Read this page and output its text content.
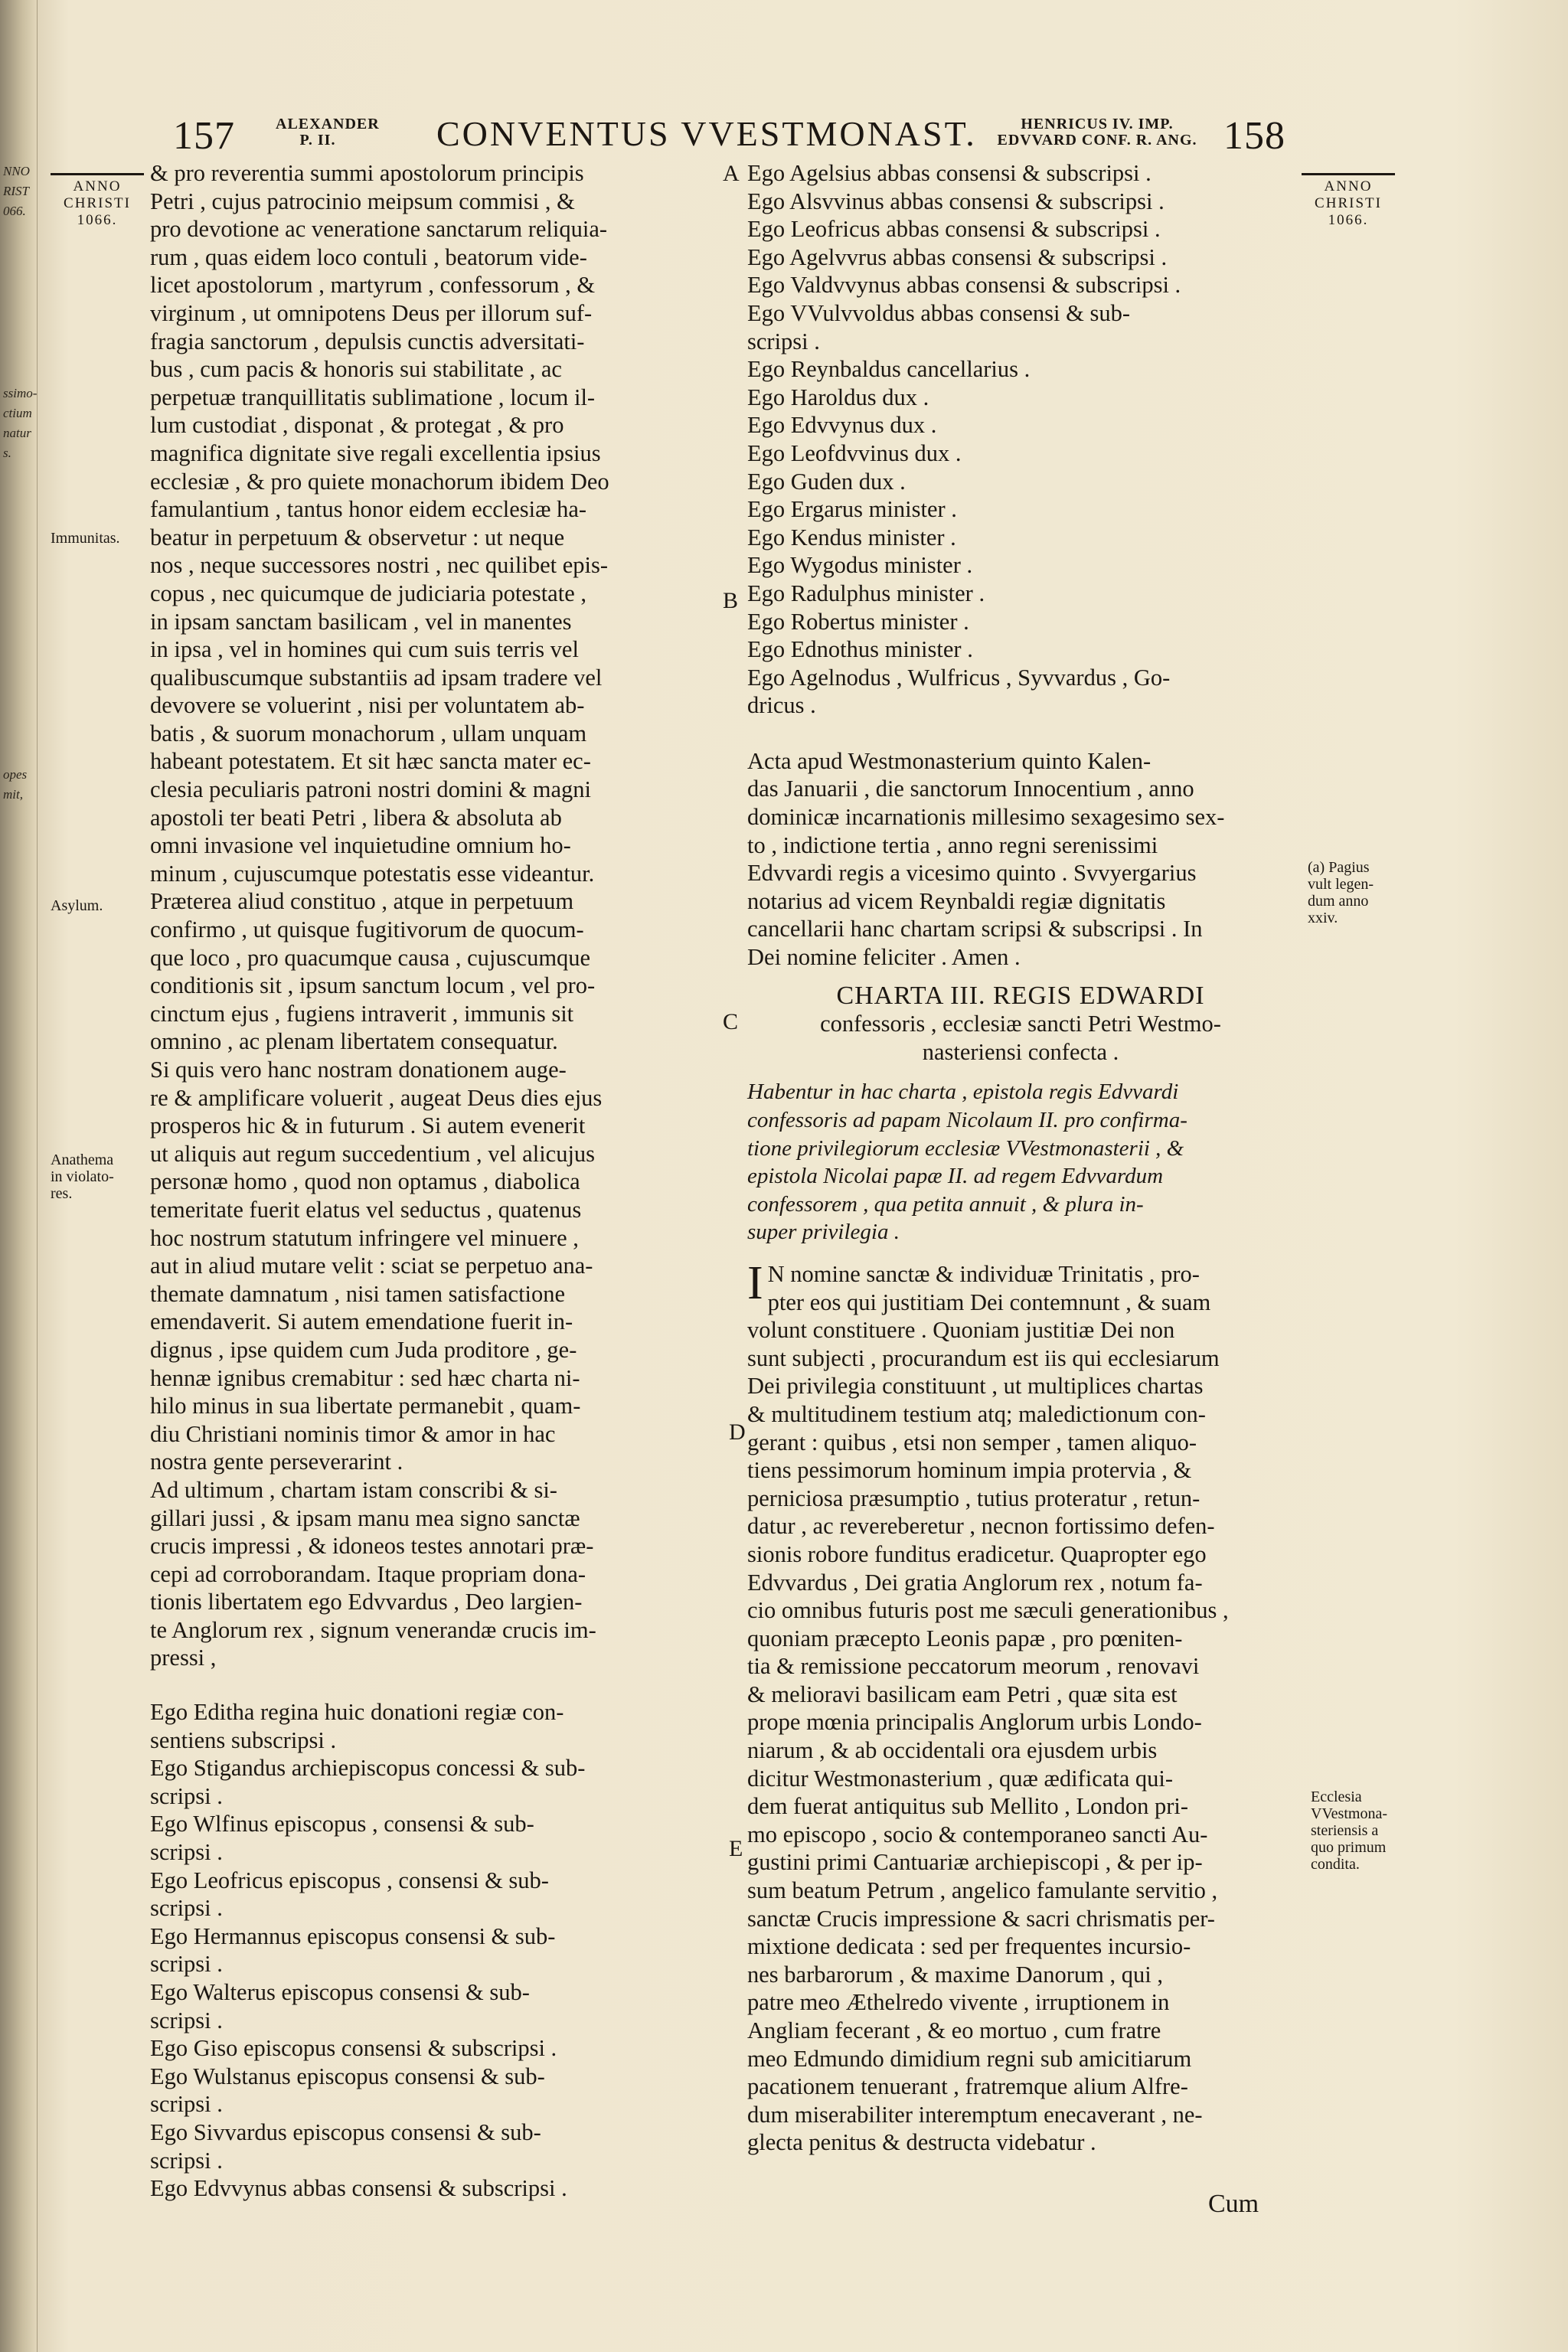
NNO
RIST
066.
ssimo-
ctium
natur
s.
opes
mit,
157	ALEXANDER
P. II.	CONVENTUS VVESTMONAST.	HENRICUS IV. IMP.
EDVVARD CONF. R. ANG. 158
ANNO
CHRISTI
1066.
Immunitas.
Asylum.
Anathema
in violato-
res.
& pro reverentia summi apostolorum principis
Petri , cujus patrocinio meipsum commisi , &
pro devotione ac veneratione sanctarum reliquia-
rum , quas eidem loco contuli , beatorum vide-
licet apostolorum , martyrum , confessorum , &
virginum , ut omnipotens Deus per illorum suf-
fragia sanctorum , depulsis cunctis adversitati-
bus , cum pacis & honoris sui stabilitate , ac
perpetuæ tranquillitatis sublimatione , locum il-
lum custodiat , disponat , & protegat , & pro
magnifica dignitate sive regali excellentia ipsius
ecclesiæ , & pro quiete monachorum ibidem Deo
famulantium , tantus honor eidem ecclesiæ ha-
beatur in perpetuum & observetur : ut neque
nos , neque successores nostri , nec quilibet epis-
copus , nec quicumque de judiciaria potestate ,
in ipsam sanctam basilicam , vel in manentes
in ipsa , vel in homines qui cum suis terris vel
qualibuscumque substantiis ad ipsam tradere vel
devovere se voluerint , nisi per voluntatem ab-
batis , & suorum monachorum , ullam unquam
habeant potestatem. Et sit hæc sancta mater ec-
clesia peculiaris patroni nostri domini & magni
apostoli ter beati Petri , libera & absoluta ab
omni invasione vel inquietudine omnium ho-
minum , cujuscumque potestatis esse videantur.
Præterea aliud constituo , atque in perpetuum
confirmo , ut quisque fugitivorum de quocum-
que loco , pro quacumque causa , cujuscumque
conditionis sit , ipsum sanctum locum , vel pro-
cinctum ejus , fugiens intraverit , immunis sit
omnino , ac plenam libertatem consequatur.
Si quis vero hanc nostram donationem auge-
re & amplificare voluerit , augeat Deus dies ejus
prosperos hic & in futurum . Si autem evenerit
ut aliquis aut regum succedentium , vel alicujus
personæ homo , quod non optamus , diabolica
temeritate fuerit elatus vel seductus , quatenus
hoc nostrum statutum infringere vel minuere ,
aut in aliud mutare velit : sciat se perpetuo ana-
themate damnatum , nisi tamen satisfactione
emendaverit. Si autem emendatione fuerit in-
dignus , ipse quidem cum Juda proditore , ge-
hennæ ignibus cremabitur : sed hæc charta ni-
hilo minus in sua libertate permanebit , quam-
diu Christiani nominis timor & amor in hac
nostra gente perseverarint .
Ad ultimum , chartam istam conscribi & si-
gillari jussi , & ipsam manu mea signo sanctæ
crucis impressi , & idoneos testes annotari præ-
cepi ad corroborandam. Itaque propriam dona-
tionis libertatem ego Edvvardus , Deo largien-
te Anglorum rex , signum venerandæ crucis im-
pressi ,
Ego Editha regina huic donationi regiæ con-
sentiens subscripsi .
Ego Stigandus archiepiscopus concessi & sub-
scripsi .
Ego Wlfinus episcopus , consensi & sub-
scripsi .
Ego Leofricus episcopus , consensi & sub-
scripsi .
Ego Hermannus episcopus consensi & sub-
scripsi .
Ego Walterus episcopus consensi & sub-
scripsi .
Ego Giso episcopus consensi & subscripsi .
Ego Wulstanus episcopus consensi & sub-
scripsi .
Ego Sivvardus episcopus consensi & sub-
scripsi .
Ego Edvvynus abbas consensi & subscripsi .
A
B
C
D
E
Ego Agelsius abbas consensi & subscripsi .
Ego Alsvvinus abbas consensi & subscripsi .
Ego Leofricus abbas consensi & subscripsi .
Ego Agelvvrus abbas consensi & subscripsi .
Ego Valdvvynus abbas consensi & subscripsi .
Ego VVulvvoldus abbas consensi & sub-
scripsi .
Ego Reynbaldus cancellarius .
Ego Haroldus dux .
Ego Edvvynus dux .
Ego Leofdvvinus dux .
Ego Guden dux .
Ego Ergarus minister .
Ego Kendus minister .
Ego Wygodus minister .
Ego Radulphus minister .
Ego Robertus minister .
Ego Ednothus minister .
Ego Agelnodus , Wulfricus , Syvvardus , Go-
dricus .
Acta apud Westmonasterium quinto Kalen-
das Januarii , die sanctorum Innocentium , anno
dominicæ incarnationis millesimo sexagesimo sex-
to , indictione tertia , anno regni serenissimi
Edvvardi regis a vicesimo quinto . Svvyergarius
notarius ad vicem Reynbaldi regiæ dignitatis
cancellarii hanc chartam scripsi & subscripsi . In
Dei nomine feliciter . Amen .
CHARTA III. REGIS EDWARDI
confessoris , ecclesiæ sancti Petri Westmo-
nasteriensi confecta .
Habentur in hac charta , epistola regis Edvvardi
confessoris ad papam Nicolaum II. pro confirma-
tione privilegiorum ecclesiæ VVestmonasterii , &
epistola Nicolai papæ II. ad regem Edvvardum
confessorem , qua petita annuit , & plura in-
super privilegia .
I N nomine sanctæ & individuæ Trinitatis , pro-
pter eos qui justitiam Dei contemnunt , & suam
volunt constituere . Quoniam justitiæ Dei non
sunt subjecti , procurandum est iis qui ecclesiarum
Dei privilegia constituunt , ut multiplices chartas
& multitudinem testium atq; maledictionum con-
gerant : quibus , etsi non semper , tamen aliquo-
tiens pessimorum hominum impia protervia , &
perniciosa præsumptio , tutius proteratur , retun-
datur , ac revereberetur , necnon fortissimo defen-
sionis robore funditus eradicetur. Quapropter ego
Edvvardus , Dei gratia Anglorum rex , notum fa-
cio omnibus futuris post me sæculi generationibus ,
quoniam præcepto Leonis papæ , pro pœniten-
tia & remissione peccatorum meorum , renovavi
& melioravi basilicam eam Petri , quæ sita est
prope mœnia principalis Anglorum urbis Londo-
niarum , & ab occidentali ora ejusdem urbis
dicitur Westmonasterium , quæ ædificata qui-
dem fuerat antiquitus sub Mellito , London pri-
mo episcopo , socio & contemporaneo sancti Au-
gustini primi Cantuariæ archiepiscopi , & per ip-
sum beatum Petrum , angelico famulante servitio ,
sanctæ Crucis impressione & sacri chrismatis per-
mixtione dedicata : sed per frequentes incursio-
nes barbarorum , & maxime Danorum , qui ,
patre meo Æthelredo vivente , irruptionem in
Angliam fecerant , & eo mortuo , cum fratre
meo Edmundo dimidium regni sub amicitiarum
pacationem tenuerant , fratremque alium Alfre-
dum miserabiliter interemptum enecaverant , ne-
glecta penitus & destructa videbatur .
ANNO
CHRISTI
1066.
(a) Pagius
vult legen-
dum anno
xxiv.
Ecclesia
VVestmona-
steriensis a
quo primum
condita.
Cum
